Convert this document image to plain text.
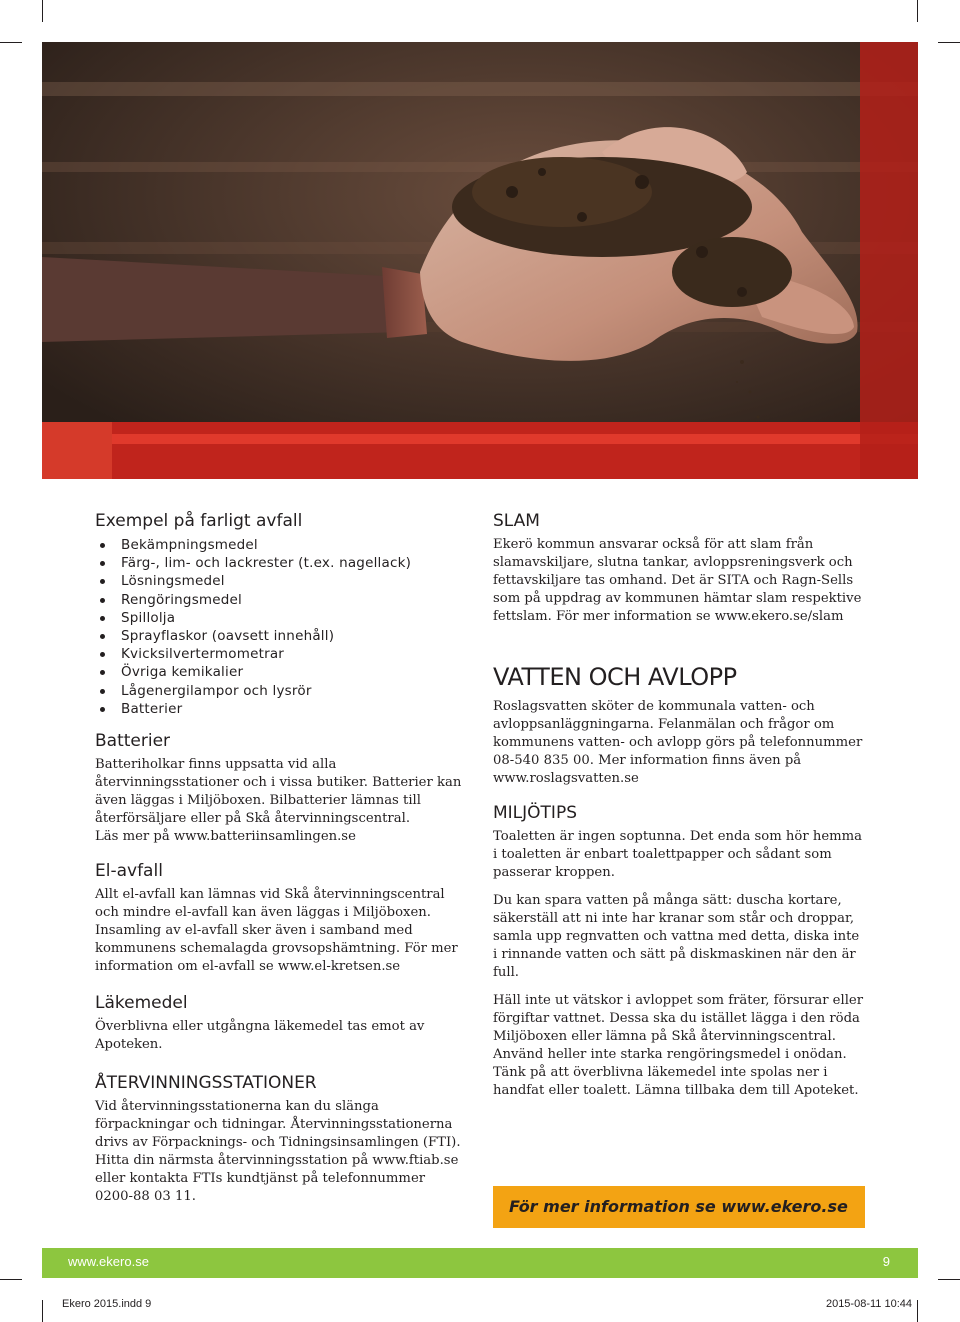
Exempel på farligt avfall
Bekämpningsmedel
Färg-, lim- och lackrester (t.ex. nagellack)
Lösningsmedel
Rengöringsmedel
Spillolja
Sprayflaskor (oavsett innehåll)
Kvicksilvertermometrar
Övriga kemikalier
Lågenergilampor och lysrör
Batterier
Batterier

Batteriholkar finns uppsatta vid alla återvinningsstationer och i vissa butiker. Batterier kan även läggas i Miljöboxen. Bilbatterier lämnas till återförsäljare eller på Skå återvinningscentral.
Läs mer på www.batteriinsamlingen.se

El-avfall

Allt el-avfall kan lämnas vid Skå återvinningscentral och mindre el-avfall kan även läggas i Miljöboxen. Insamling av el-avfall sker även i samband med kommunens schemalagda grovsopshämtning. För mer information om el-avfall se www.el-kretsen.se

Läkemedel

Överblivna eller utgångna läkemedel tas emot av Apoteken.

ÅTERVINNINGSSTATIONER

Vid återvinningsstationerna kan du slänga förpackningar och tidningar. Återvinningsstationerna drivs av Förpacknings- och Tidningsinsamlingen (FTI). Hitta din närmsta återvinningsstation på www.ftiab.se eller kontakta FTIs kundtjänst på telefonnummer 0200-88 03 11.

SLAM

Ekerö kommun ansvarar också för att slam från slamavskiljare, slutna tankar, avloppsreningsverk och fettavskiljare tas omhand. Det är SITA och Ragn-Sells som på uppdrag av kommunen hämtar slam respektive fettslam. För mer information se www.ekero.se/slam

VATTEN OCH AVLOPP

Roslagsvatten sköter de kommunala vatten- och avloppsanläggningarna. Felanmälan och frågor om kommunens vatten- och avlopp görs på telefonnummer 08-540 835 00. Mer information finns även på www.roslagsvatten.se

MILJÖTIPS

Toaletten är ingen soptunna. Det enda som hör hemma i toaletten är enbart toalettpapper och sådant som passerar kroppen.

Du kan spara vatten på många sätt: duscha kortare, säkerställ att ni inte har kranar som står och droppar, samla upp regnvatten och vattna med detta, diska inte i rinnande vatten och sätt på diskmaskinen när den är full.

Häll inte ut vätskor i avloppet som fräter, försurar eller förgiftar vattnet. Dessa ska du istället lägga i den röda Miljöboxen eller lämna på Skå återvinningscentral. Använd heller inte starka rengöringsmedel i onödan. Tänk på att överblivna läkemedel inte spolas ner i handfat eller toalett. Lämna tillbaka dem till Apoteket.

För mer information se www.ekero.se
www.ekero.se	9
Ekero 2015.indd 9	2015-08-11 10:44
